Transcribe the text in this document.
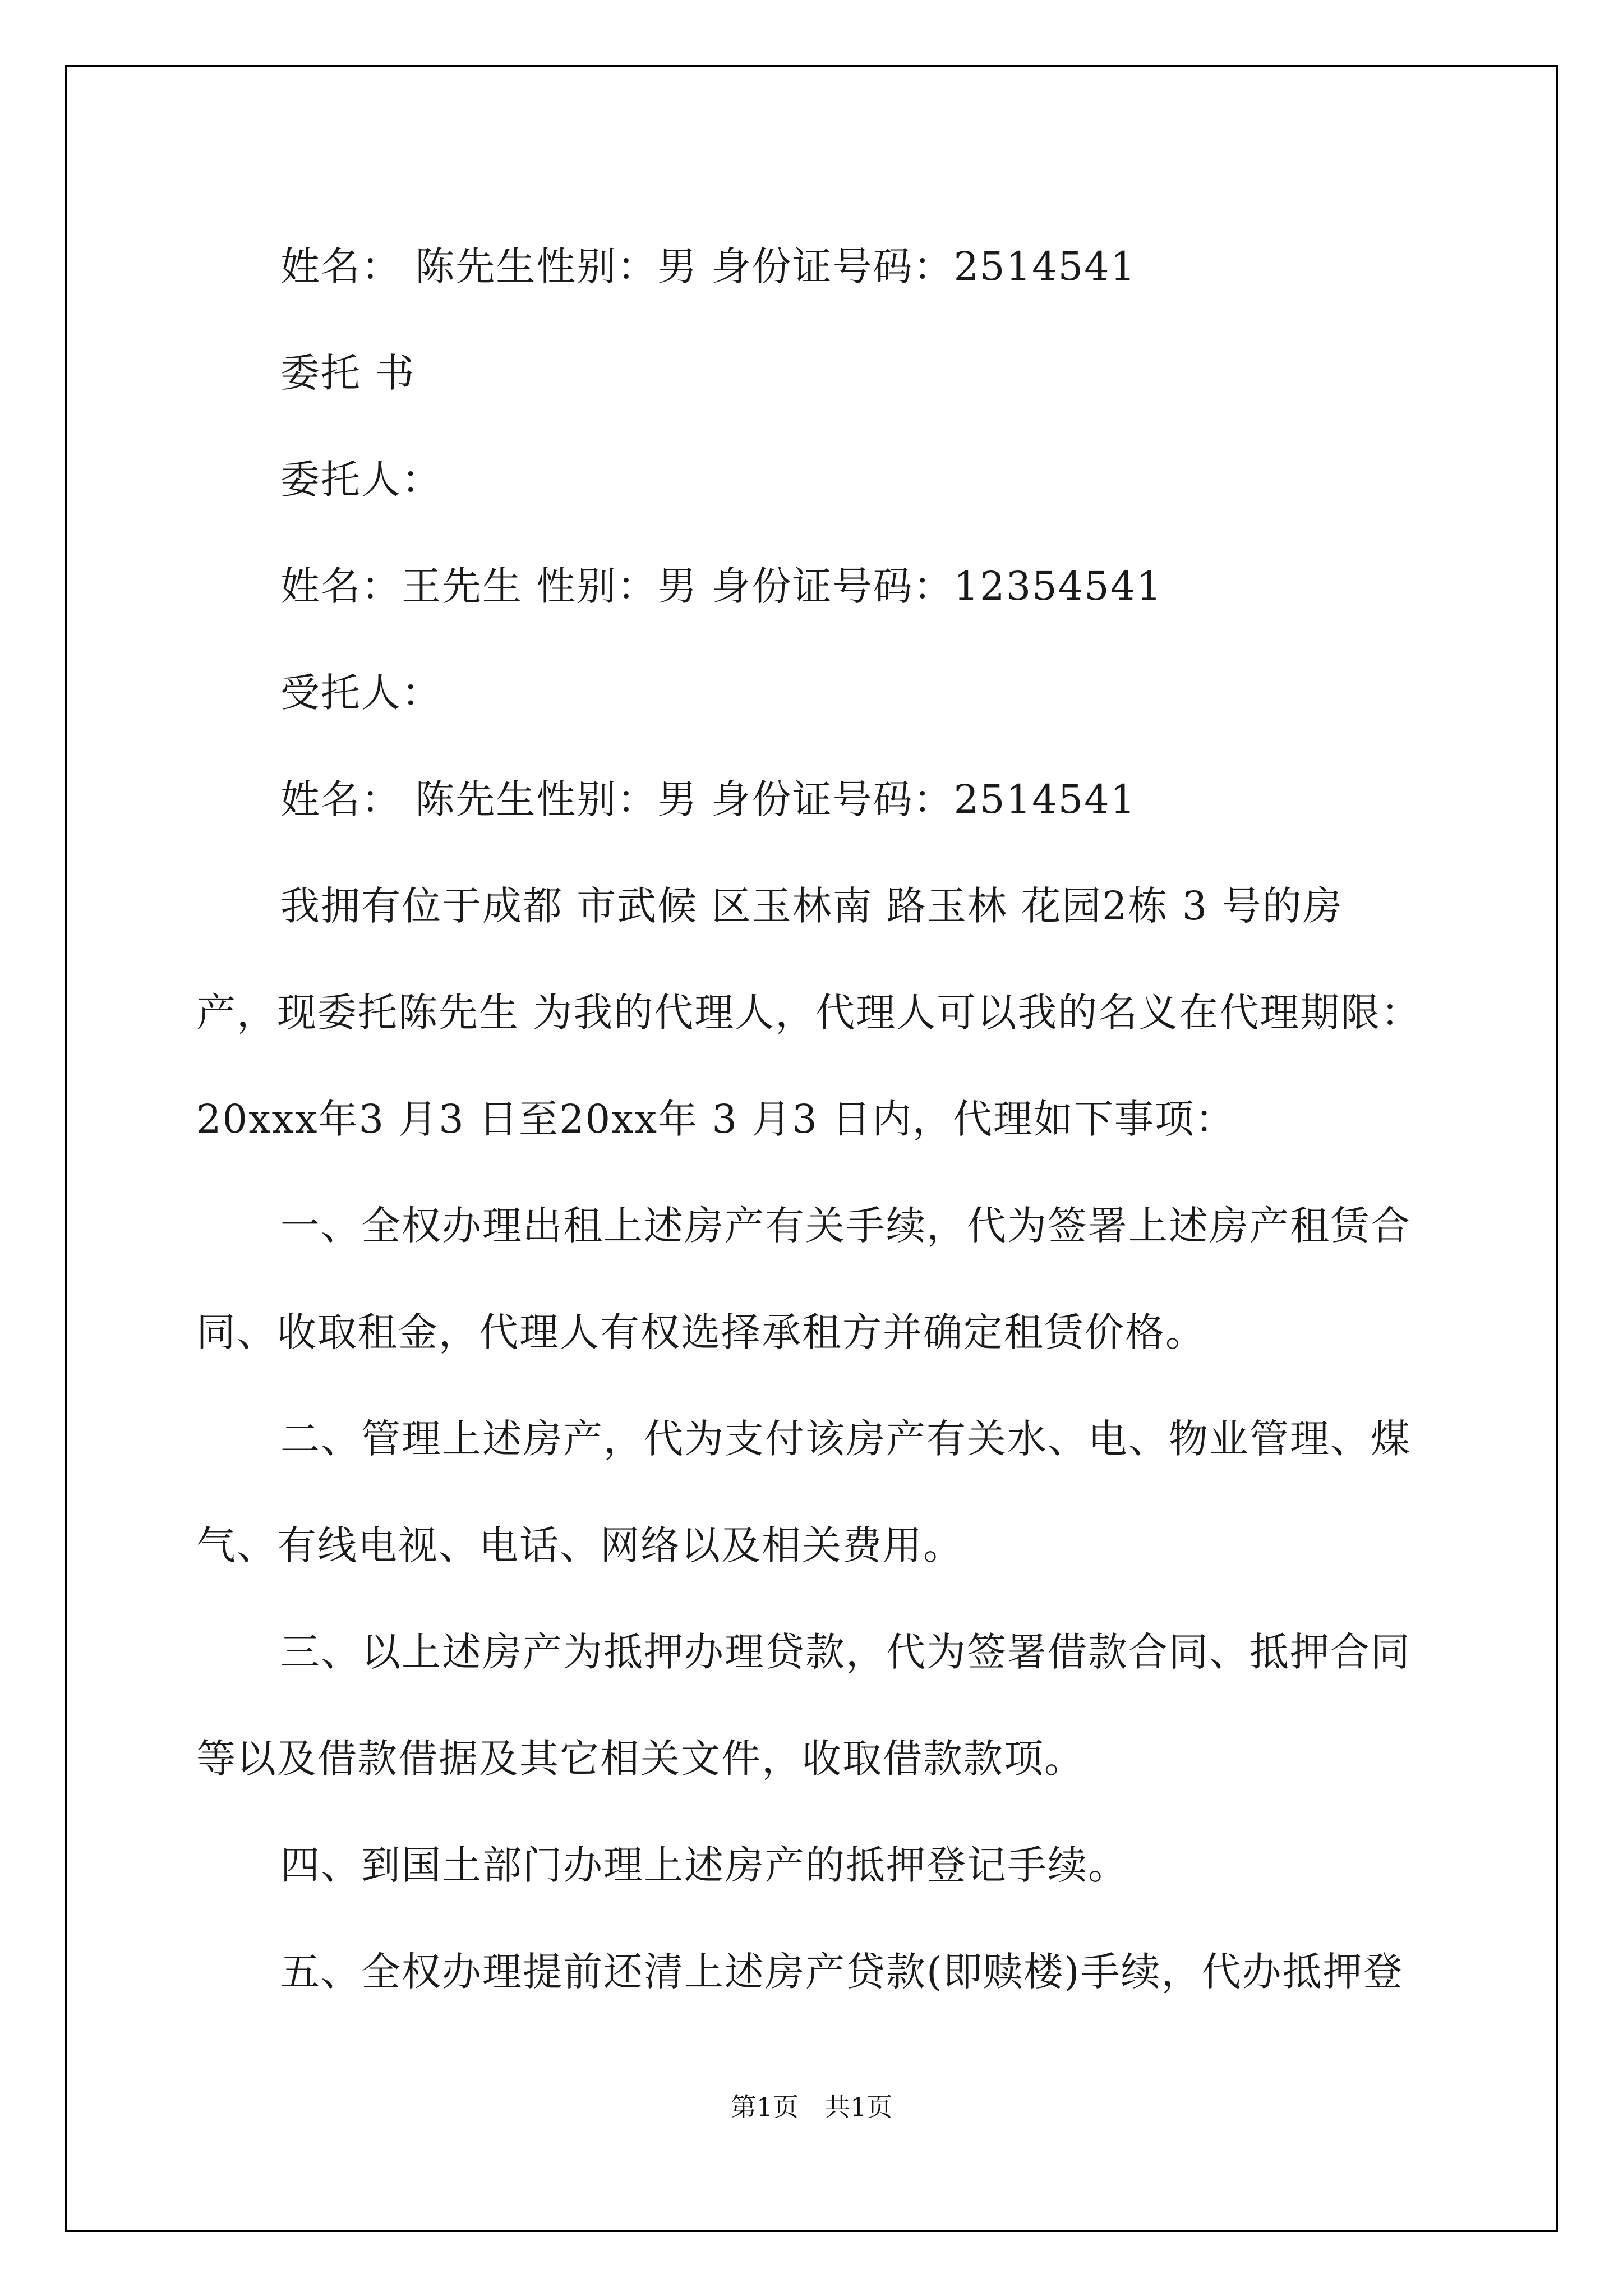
姓名： 陈先生性别：男 身份证号码：2514541
委托 书
委托人：
姓名：王先生 性别：男 身份证号码：12354541
受托人：
姓名： 陈先生性别：男 身份证号码：2514541
我拥有位于成都 市武候 区玉林南 路玉林 花园2栋 3 号的房
产，现委托陈先生 为我的代理人，代理人可以我的名义在代理期限：
20xxx年3 月3 日至20xx年 3 月3 日内，代理如下事项：
一、全权办理出租上述房产有关手续，代为签署上述房产租赁合
同、收取租金，代理人有权选择承租方并确定租赁价格。
二、管理上述房产，代为支付该房产有关水、电、物业管理、煤
气、有线电视、电话、网络以及相关费用。
三、以上述房产为抵押办理贷款，代为签署借款合同、抵押合同
等以及借款借据及其它相关文件，收取借款款项。
四、到国土部门办理上述房产的抵押登记手续。
五、全权办理提前还清上述房产贷款(即赎楼)手续，代办抵押登
第1页　共1页
